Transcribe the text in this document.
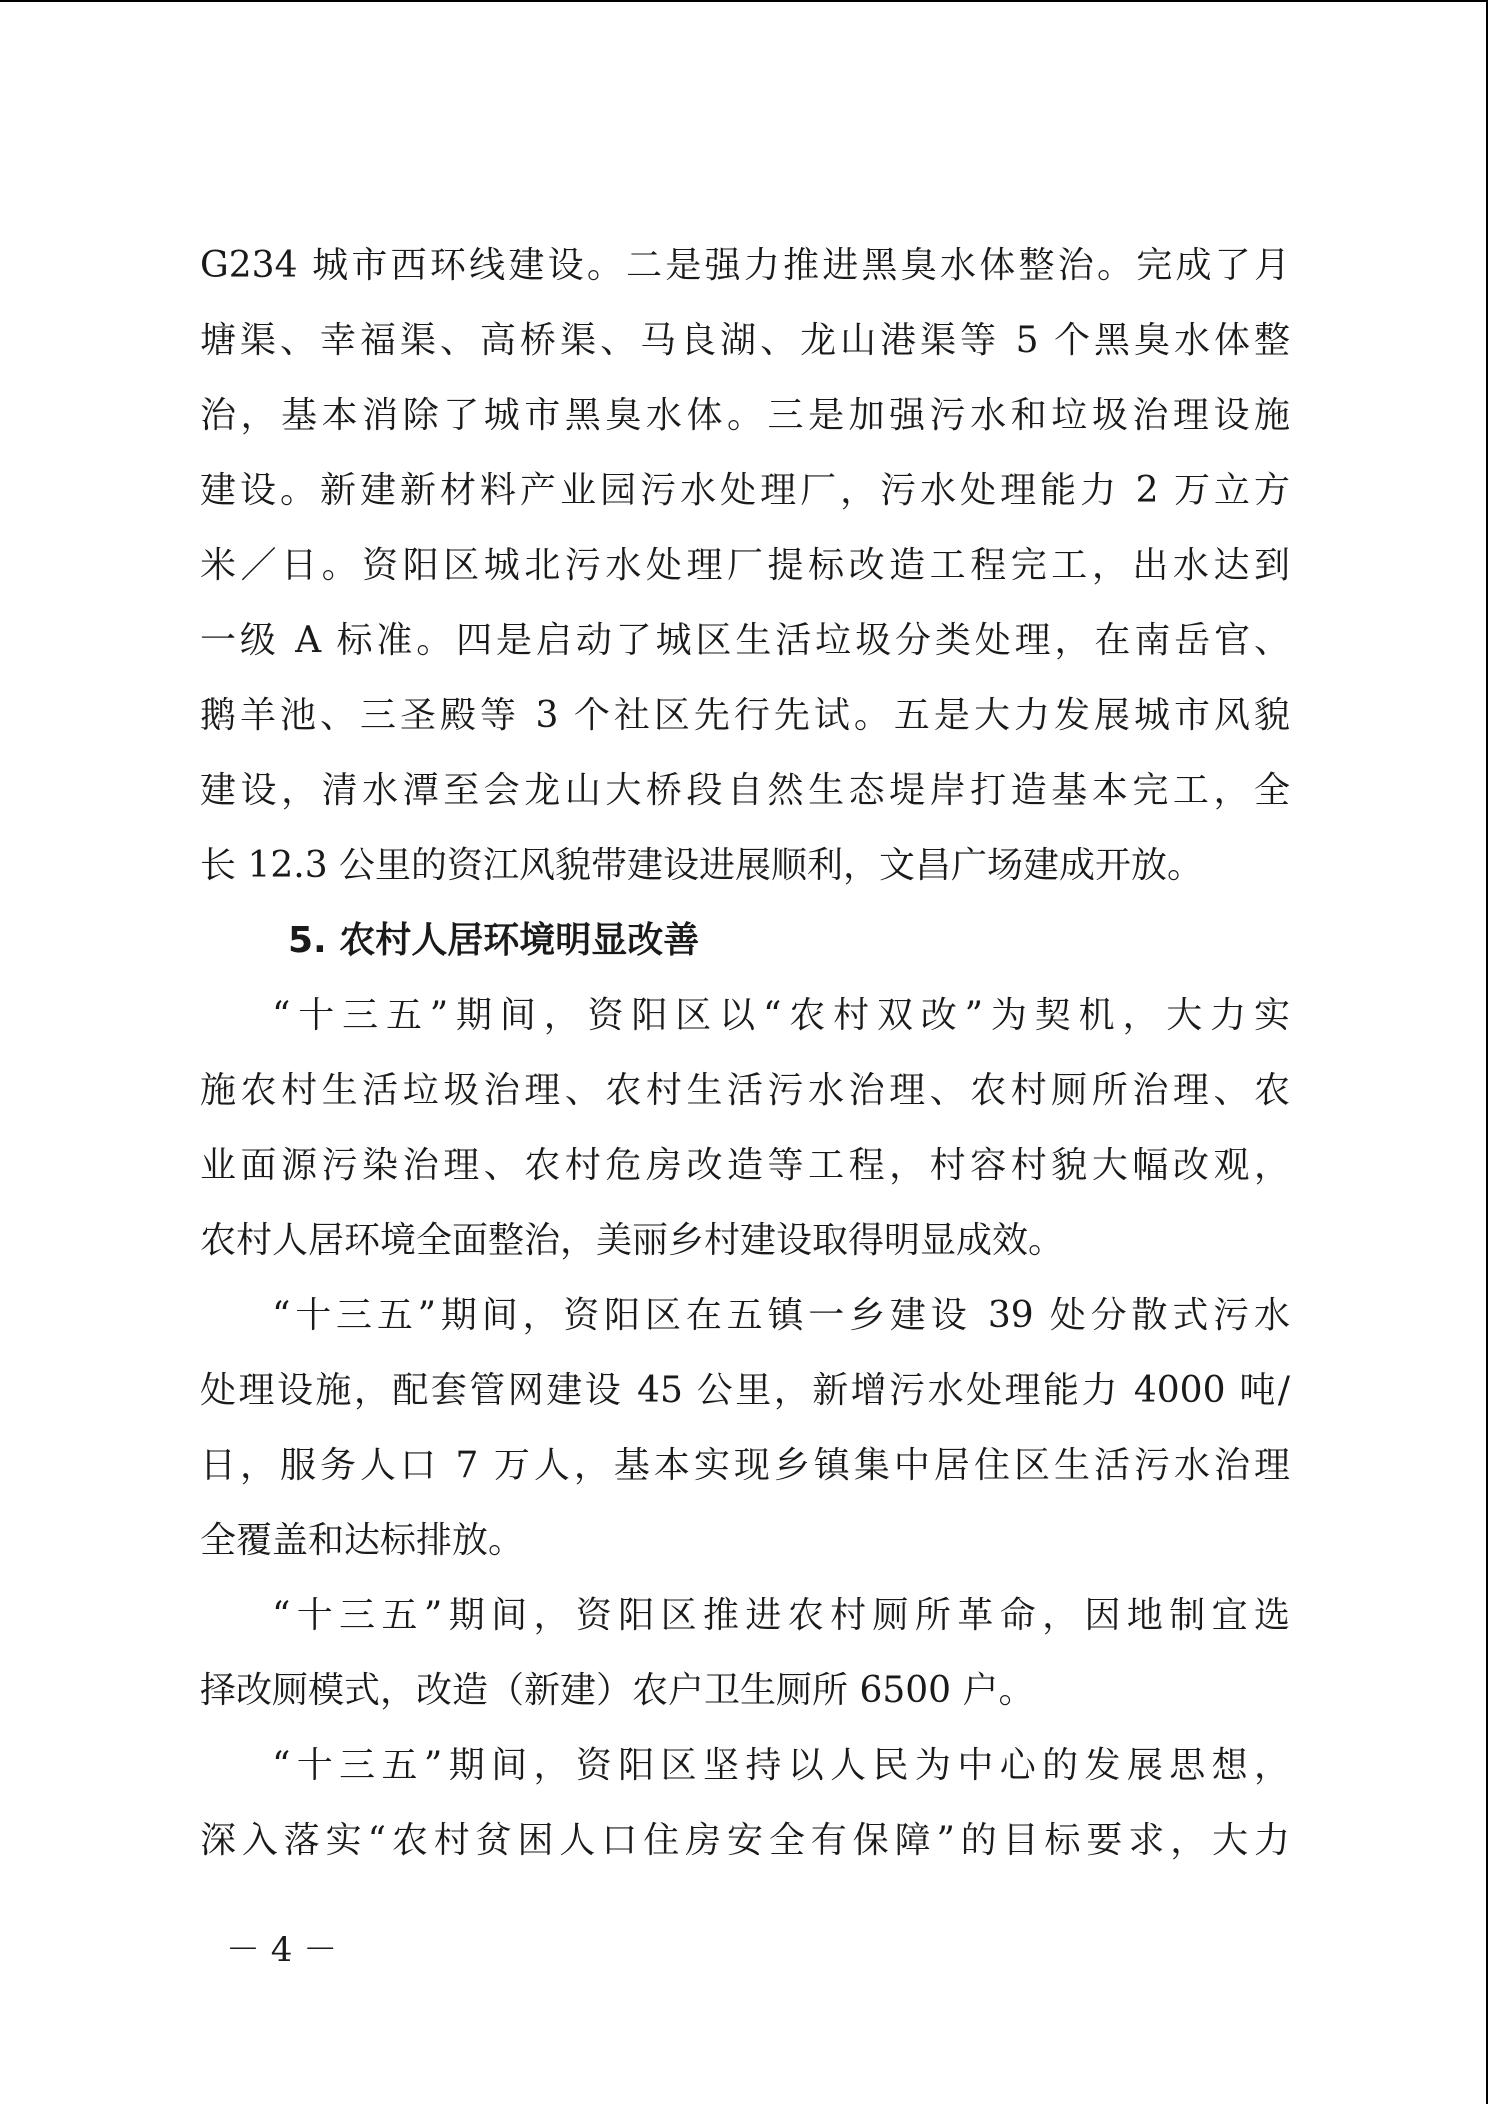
G234 城市西环线建设。二是强力推进黑臭水体整治。完成了月
塘渠、幸福渠、高桥渠、马良湖、龙山港渠等 5 个黑臭水体整
治，基本消除了城市黑臭水体。三是加强污水和垃圾治理设施
建设。新建新材料产业园污水处理厂，污水处理能力 2 万立方
米／日。资阳区城北污水处理厂提标改造工程完工，出水达到
一级 A 标准。四是启动了城区生活垃圾分类处理，在南岳官、
鹅羊池、三圣殿等 3 个社区先行先试。五是大力发展城市风貌
建设，清水潭至会龙山大桥段自然生态堤岸打造基本完工，全
长 12.3 公里的资江风貌带建设进展顺利，文昌广场建成开放。
5. 农村人居环境明显改善
“十三五”期间，资阳区以“农村双改”为契机，大力实
施农村生活垃圾治理、农村生活污水治理、农村厕所治理、农
业面源污染治理、农村危房改造等工程，村容村貌大幅改观，
农村人居环境全面整治，美丽乡村建设取得明显成效。
“十三五”期间，资阳区在五镇一乡建设 39 处分散式污水
处理设施，配套管网建设 45 公里，新增污水处理能力 4000 吨/
日，服务人口 7 万人，基本实现乡镇集中居住区生活污水治理
全覆盖和达标排放。
“十三五”期间，资阳区推进农村厕所革命，因地制宜选
择改厕模式，改造（新建）农户卫生厕所 6500 户。
“十三五”期间，资阳区坚持以人民为中心的发展思想，
深入落实“农村贫困人口住房安全有保障”的目标要求，大力
－ 4 －
